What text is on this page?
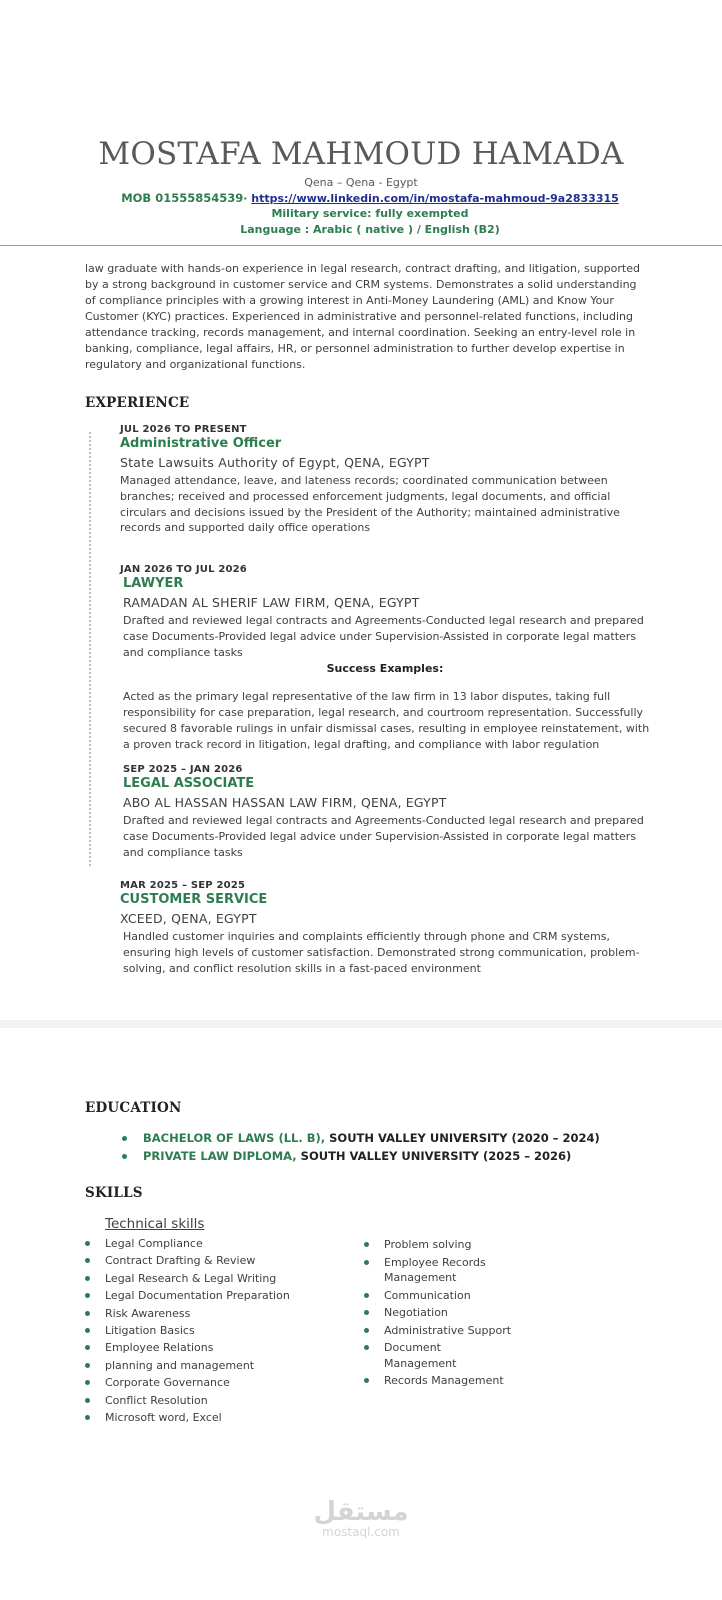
MOSTAFA MAHMOUD HAMADA
Qena – Qena - Egypt
MOB 01555854539· https://www.linkedin.com/in/mostafa-mahmoud-9a2833315
Military service: fully exempted
Language : Arabic ( native ) / English (B2)
law graduate with hands-on experience in legal research, contract drafting, and litigation, supported by a strong background in customer service and CRM systems. Demonstrates a solid understanding of compliance principles with a growing interest in Anti-Money Laundering (AML) and Know Your Customer (KYC) practices. Experienced in administrative and personnel-related functions, including attendance tracking, records management, and internal coordination. Seeking an entry-level role in banking, compliance, legal affairs, HR, or personnel administration to further develop expertise in regulatory and organizational functions.
EXPERIENCE
JUL 2026 TO PRESENT
Administrative Officer
State Lawsuits Authority of Egypt, QENA, EGYPT
Managed attendance, leave, and lateness records; coordinated communication between branches; received and processed enforcement judgments, legal documents, and official circulars and decisions issued by the President of the Authority; maintained administrative records and supported daily office operations
JAN 2026 TO JUL 2026
LAWYER
RAMADAN AL SHERIF LAW FIRM, QENA, EGYPT
Drafted and reviewed legal contracts and Agreements-Conducted legal research and prepared case Documents-Provided legal advice under Supervision-Assisted in corporate legal matters and compliance tasks
Success Examples:
Acted as the primary legal representative of the law firm in 13 labor disputes, taking full responsibility for case preparation, legal research, and courtroom representation. Successfully secured 8 favorable rulings in unfair dismissal cases, resulting in employee reinstatement, with a proven track record in litigation, legal drafting, and compliance with labor regulation
SEP 2025 – JAN 2026
LEGAL ASSOCIATE
ABO AL HASSAN HASSAN LAW FIRM, QENA, EGYPT
Drafted and reviewed legal contracts and Agreements-Conducted legal research and prepared case Documents-Provided legal advice under Supervision-Assisted in corporate legal matters and compliance tasks
MAR 2025 – SEP 2025
CUSTOMER SERVICE
XCEED, QENA, EGYPT
Handled customer inquiries and complaints efficiently through phone and CRM systems, ensuring high levels of customer satisfaction. Demonstrated strong communication, problem-solving, and conflict resolution skills in a fast-paced environment
EDUCATION
BACHELOR OF LAWS (LL. B), SOUTH VALLEY UNIVERSITY (2020 – 2024)
PRIVATE LAW DIPLOMA, SOUTH VALLEY UNIVERSITY (2025 – 2026)
SKILLS
Technical skills
Legal Compliance
Contract Drafting & Review
Legal Research & Legal Writing
Legal Documentation Preparation
Risk Awareness
Litigation Basics
Employee Relations
planning and management
Corporate Governance
Conflict Resolution
Microsoft word, Excel
Problem solving
Employee Records Management
Communication
Negotiation
Administrative Support
Document Management
Records Management
مستقل
mostaql.com
